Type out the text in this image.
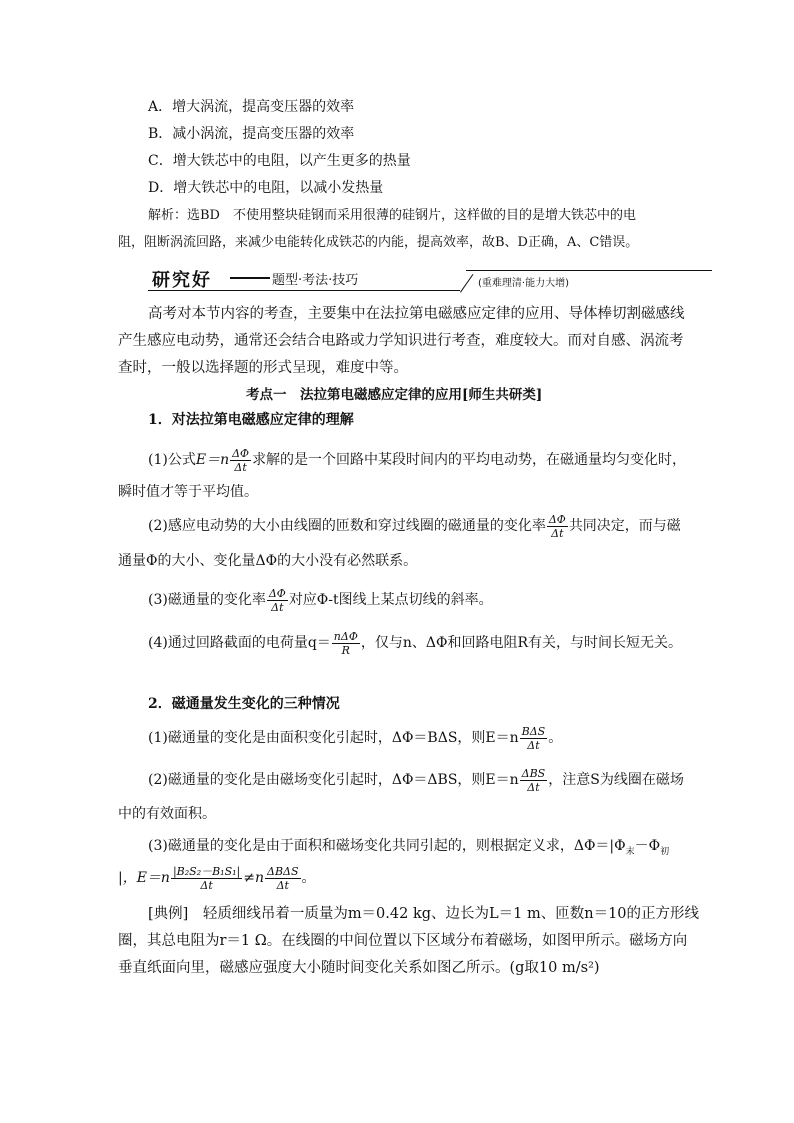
A．增大涡流，提高变压器的效率
B．减小涡流，提高变压器的效率
C．增大铁芯中的电阻，以产生更多的热量
D．增大铁芯中的电阻，以减小发热量
解析：选BD　不使用整块硅钢而采用很薄的硅钢片，这样做的目的是增大铁芯中的电
阻，阻断涡流回路，来减少电能转化成铁芯的内能，提高效率，故B、D正确，A、C错误。
研究好	题型·考法·技巧	(重难理清·能力大增)
高考对本节内容的考查，主要集中在法拉第电磁感应定律的应用、导体棒切割磁感线
产生感应电动势，通常还会结合电路或力学知识进行考查，难度较大。而对自感、涡流考
查时，一般以选择题的形式呈现，难度中等。
考点一　法拉第电磁感应定律的应用[师生共研类]
1．对法拉第电磁感应定律的理解
(1)公式$E=n \frac{\Delta\Phi}{\Delta t}$ 求解的是一个回路中某段时间内的平均电动势，在磁通量均匀变化时，
瞬时值才等于平均值。
(2)感应电动势的大小由线圈的匝数和穿过线圈的磁通量的变化率 $\frac{\Delta\Phi}{\Delta t}$ 共同决定，而与磁
通量Φ的大小、变化量ΔΦ的大小没有必然联系。
(3)磁通量的变化率 $\frac{\Delta\Phi}{\Delta t}$ 对应Φ-t图线上某点切线的斜率。
(4)通过回路截面的电荷量$q= \frac{\text{nΔΦ}}{R}$ ，仅与n、ΔΦ和回路电阻R有关，与时间长短无关。
2．磁通量发生变化的三种情况
(1)磁通量的变化是由面积变化引起时，ΔΦ＝BΔS，则$E=n \frac{\text{BΔS}}{\Delta t}$ 。
(2)磁通量的变化是由磁场变化引起时，ΔΦ＝ΔBS，则$E=n \frac{\text{ΔBS}}{\Delta t}$ ，注意S为线圈在磁场
中的有效面积。
(3)磁通量的变化是由于面积和磁场变化共同引起的，则根据定义求，$\Delta\Phi=|\Phi_末-\Phi_初$
|，$E=n \frac{\text{|B₂S₂－B₁S₁|}}{\Delta t} \ne n \frac{\text{ΔBΔS}}{\Delta t}$ 。
[典例]　轻质细线吊着一质量为m＝0.42 kg、边长为L＝1 m、匝数n＝10的正方形线
圈，其总电阻为r＝1 Ω。在线圈的中间位置以下区域分布着磁场，如图甲所示。磁场方向
垂直纸面向里，磁感应强度大小随时间变化关系如图乙所示。(g取10 m/s²)
